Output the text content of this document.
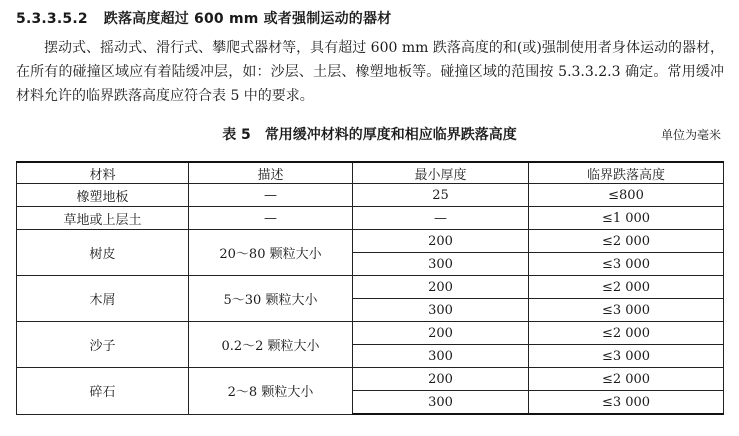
5.3.3.5.2 跌落高度超过 600 mm 或者强制运动的器材
摆动式、摇动式、滑行式、攀爬式器材等，具有超过 600 mm 跌落高度的和(或)强制使用者身体运动的器材，在所有的碰撞区域应有着陆缓冲层，如：沙层、土层、橡塑地板等。碰撞区域的范围按 5.3.3.2.3 确定。常用缓冲材料允许的临界跌落高度应符合表 5 中的要求。
表 5 常用缓冲材料的厚度和相应临界跌落高度	单位为毫米
材料	描述	最小厚度	临界跌落高度
橡塑地板	—	25	≤800
草地或上层土	—	—	≤1 000
树皮	20～80 颗粒大小	200	≤2 000
		300	≤3 000
木屑	5～30 颗粒大小	200	≤2 000
		300	≤3 000
沙子	0.2～2 颗粒大小	200	≤2 000
		300	≤3 000
碎石	2～8 颗粒大小	200	≤2 000
		300	≤3 000
